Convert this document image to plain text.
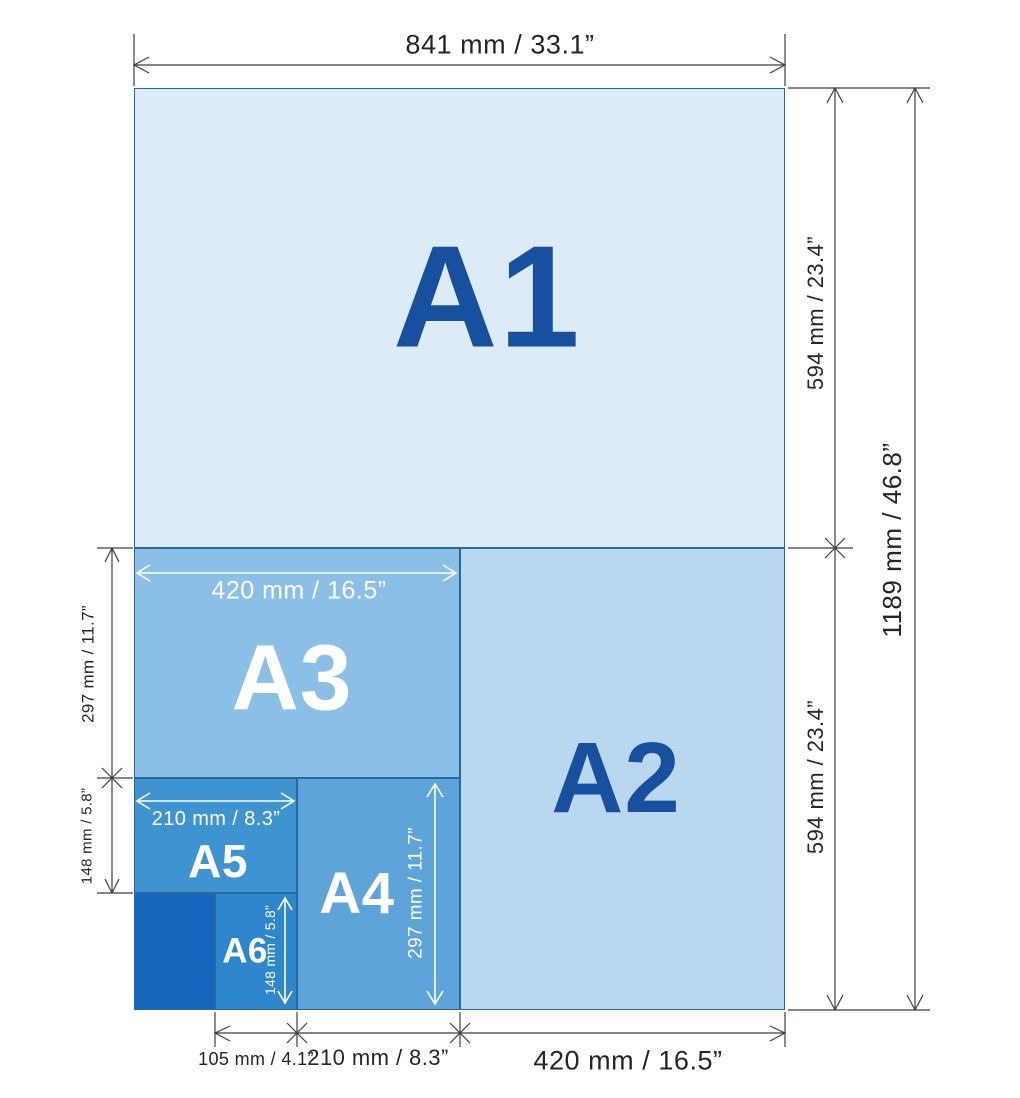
A1
A2
A3
A4
A5
A6
841 mm / 33.1”
105 mm / 4.1”
210 mm / 8.3”	420 mm / 16.5”
594 mm / 23.4”
594 mm / 23.4”
1189 mm / 46.8”
297 mm / 11.7”
148 mm / 5.8”
420 mm / 16.5”
210 mm / 8.3”
297 mm / 11.7”
148 mm / 5.8”
